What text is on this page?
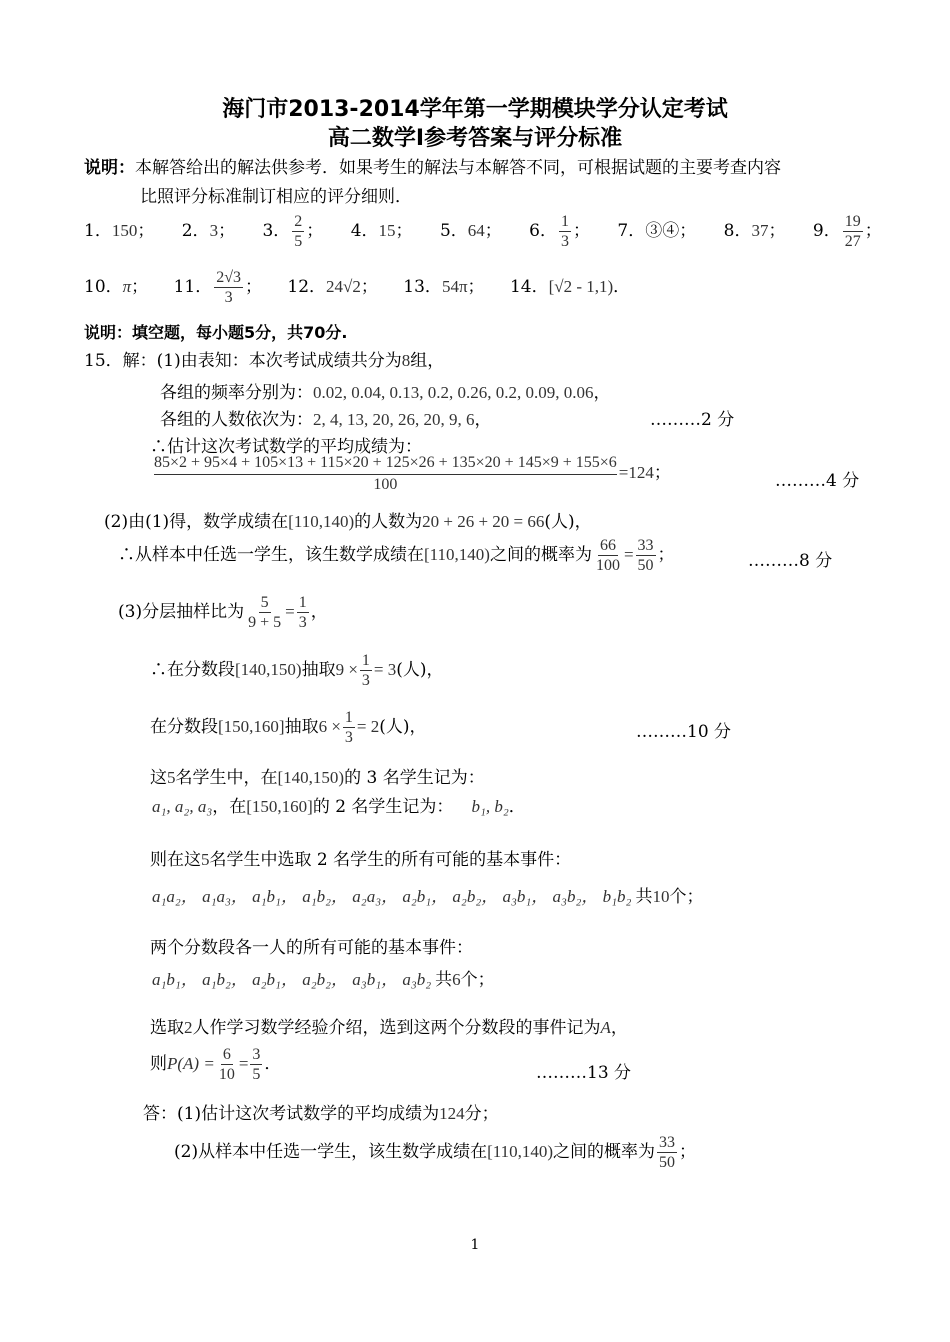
海门市2013-2014学年第一学期模块学分认定考试
高二数学Ⅰ参考答案与评分标准
说明：本解答给出的解法供参考．如果考生的解法与本解答不同，可根据试题的主要考查内容
比照评分标准制订相应的评分细则．
1．150； 2．3； 3． $\frac{2}{5}$ ； 4．15； 5．64； 6． $\frac{1}{3}$ ； 7．③④； 8．37； 9． $\frac{19}{27}$ ；
10．π； 11． $\frac{2√3}{3}$ ； 12．24√2； 13．54π； 14．[√2 - 1,1)．
说明：填空题，每小题5分，共70分.
15．解：(1)由表知：本次考试成绩共分为8组，
各组的频率分别为：0.02, 0.04, 0.13, 0.2, 0.26, 0.2, 0.09, 0.06，
各组的人数依次为：2, 4, 13, 20, 26, 20, 9, 6，	………2 分
∴估计这次考试数学的平均成绩为：
85×2 + 95×4 + 105×13 + 115×20 + 125×26 + 135×20 + 145×9 + 155×6
100
=124；	………4 分
(2)由(1)得，数学成绩在[110,140)的人数为20 + 26 + 20 = 66(人)，
∴从样本中任选一学生，该生数学成绩在[110,140)之间的概率为 $\frac{66}{100} = \frac{33}{50}$ ；	………8 分
(3)分层抽样比为 $\frac{5}{9 + 5} = \frac{1}{3}$ ，
∴在分数段[140,150)抽取$9 \times \frac{1}{3} = 3$(人)，
在分数段[150,160]抽取$6 \times \frac{1}{3} = 2$(人)，	………10 分
这5名学生中，在[140,150)的 3 名学生记为：
a₁, a₂, a₃，在[150,160]的 2 名学生记为： b₁, b₂．
则在这5名学生中选取 2 名学生的所有可能的基本事件：
a₁a₂， a₁a₃， a₁b₁， a₁b₂， a₂a₃， a₂b₁， a₂b₂， a₃b₁， a₃b₂， b₁b₂ 共10个；
两个分数段各一人的所有可能的基本事件：
a₁b₁， a₁b₂， a₂b₁， a₂b₂， a₃b₁， a₃b₂ 共6个；
选取2人作学习数学经验介绍，选到这两个分数段的事件记为A，
则$P(A) = \frac{6}{10} = \frac{3}{5}$ ．	………13 分
答：(1)估计这次考试数学的平均成绩为124分；
(2)从样本中任选一学生，该生数学成绩在[110,140)之间的概率为 $\frac{33}{50}$ ；
1
